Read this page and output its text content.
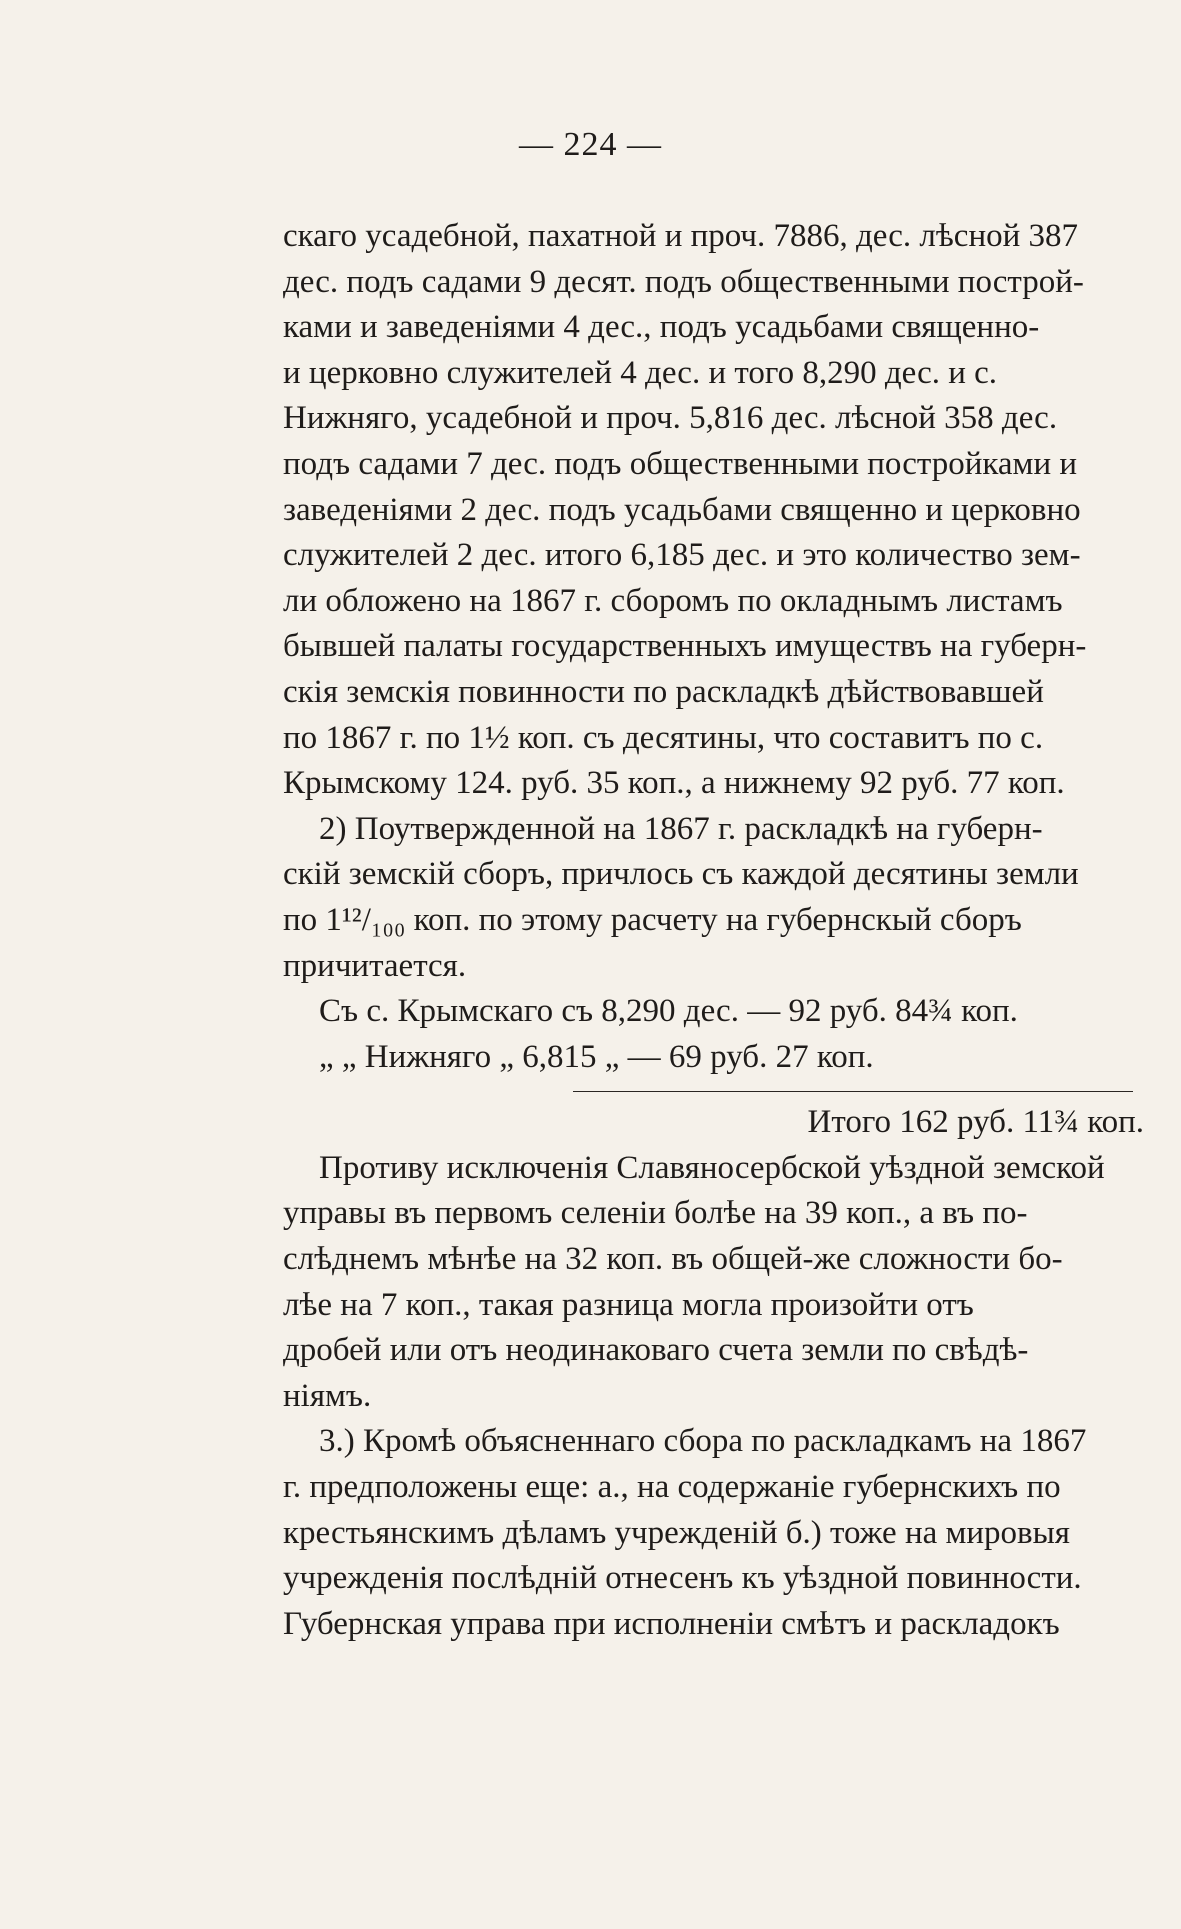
— 224 —
скаго усадебной, пахатной и проч. 7886, дес. лѣсной 387
дес. подъ садами 9 десят. подъ общественными построй-
ками и заведеніями 4 дес., подъ усадьбами священно-
и церковно служителей 4 дес. и того 8,290 дес. и с.
Нижняго, усадебной и проч. 5,816 дес. лѣсной 358 дес.
подъ садами 7 дес. подъ общественными постройками и
заведеніями 2 дес. подъ усадьбами священно и церковно
служителей 2 дес. итого 6,185 дес. и это количество зем-
ли обложено на 1867 г. сборомъ по окладнымъ листамъ
бывшей палаты государственныхъ имуществъ на губерн-
скія земскія повинности по раскладкѣ дѣйствовавшей
по 1867 г. по 1½ коп. съ десятины, что составитъ по с.
Крымскому 124. руб. 35 коп., а нижнему 92 руб. 77 коп.
2) Поутвержденной на 1867 г. раскладкѣ на губерн-
скій земскій сборъ, причлось съ каждой десятины земли
по 1¹²/₁₀₀ коп. по этому расчету на губернскый сборъ
причитается.
Съ с. Крымскаго съ 8,290 дес. — 92 руб. 84¾ коп.
„ „ Нижняго „ 6,815 „ — 69 руб. 27 коп.
Итого 162 руб. 11¾ коп.
Противу исключенія Славяносербской уѣздной земской
управы въ первомъ селеніи болѣе на 39 коп., а въ по-
слѣднемъ мѣнѣе на 32 коп. въ общей-же сложности бо-
лѣе на 7 коп., такая разница могла произойти отъ
дробей или отъ неодинаковаго счета земли по свѣдѣ-
ніямъ.
3.) Кромѣ объясненнаго сбора по раскладкамъ на 1867
г. предположены еще: а., на содержаніе губернскихъ по
крестьянскимъ дѣламъ учрежденій б.) тоже на мировыя
учрежденія послѣдній отнесенъ къ уѣздной повинности.
Губернская управа при исполненіи смѣтъ и раскладокъ
